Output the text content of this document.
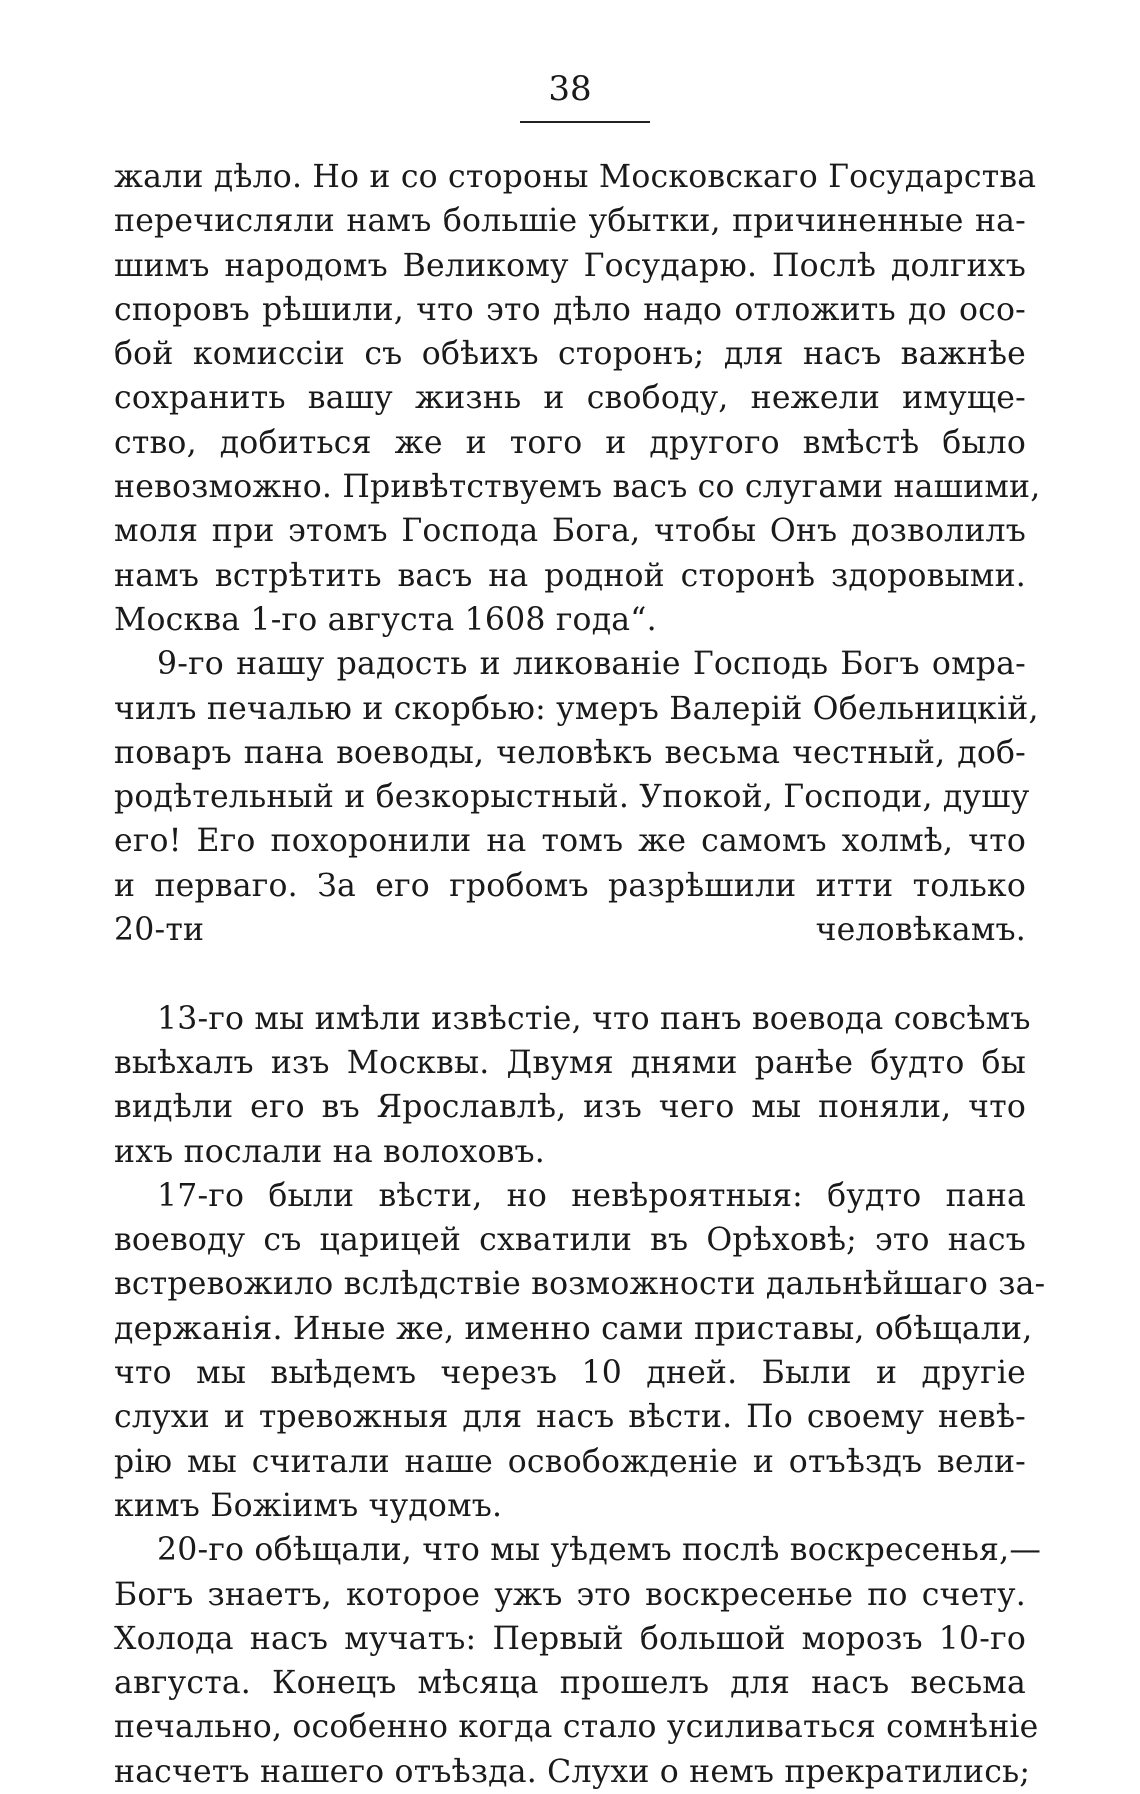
38
жали дѣло. Но и со стороны Московскаго Государства
перечисляли намъ большіе убытки, причиненные на-
шимъ народомъ Великому Государю. Послѣ долгихъ
споровъ рѣшили, что это дѣло надо отложить до осо-
бой комиссіи съ обѣихъ сторонъ; для насъ важнѣе
сохранить вашу жизнь и свободу, нежели имуще-
ство, добиться же и того и другого вмѣстѣ было
невозможно. Привѣтствуемъ васъ со слугами нашими,
моля при этомъ Господа Бога, чтобы Онъ дозволилъ
намъ встрѣтить васъ на родной сторонѣ здоровыми.
Москва 1-го августа 1608 года“.
9-го нашу радость и ликованіе Господь Богъ омра-
чилъ печалью и скорбью: умеръ Валерій Обельницкій,
поваръ пана воеводы, человѣкъ весьма честный, доб-
родѣтельный и безкорыстный. Упокой, Господи, душу
его! Его похоронили на томъ же самомъ холмѣ, что
и перваго. За его гробомъ разрѣшили итти только
20-ти человѣкамъ.
13-го мы имѣли извѣстіе, что панъ воевода совсѣмъ
выѣхалъ изъ Москвы. Двумя днями ранѣе будто бы
видѣли его въ Ярославлѣ, изъ чего мы поняли, что
ихъ послали на волоховъ.
17-го были вѣсти, но невѣроятныя: будто пана
воеводу съ царицей схватили въ Орѣховѣ; это насъ
встревожило вслѣдствіе возможности дальнѣйшаго за-
держанія. Иные же, именно сами приставы, обѣщали,
что мы выѣдемъ черезъ 10 дней. Были и другіе
слухи и тревожныя для насъ вѣсти. По своему невѣ-
рію мы считали наше освобожденіе и отъѣздъ вели-
кимъ Божіимъ чудомъ.
20-го обѣщали, что мы уѣдемъ послѣ воскресенья,—
Богъ знаетъ, которое ужъ это воскресенье по счету.
Холода насъ мучатъ: Первый большой морозъ 10-го
августа. Конецъ мѣсяца прошелъ для насъ весьма
печально, особенно когда стало усиливаться сомнѣніе
насчетъ нашего отъѣзда. Слухи о немъ прекратились;
